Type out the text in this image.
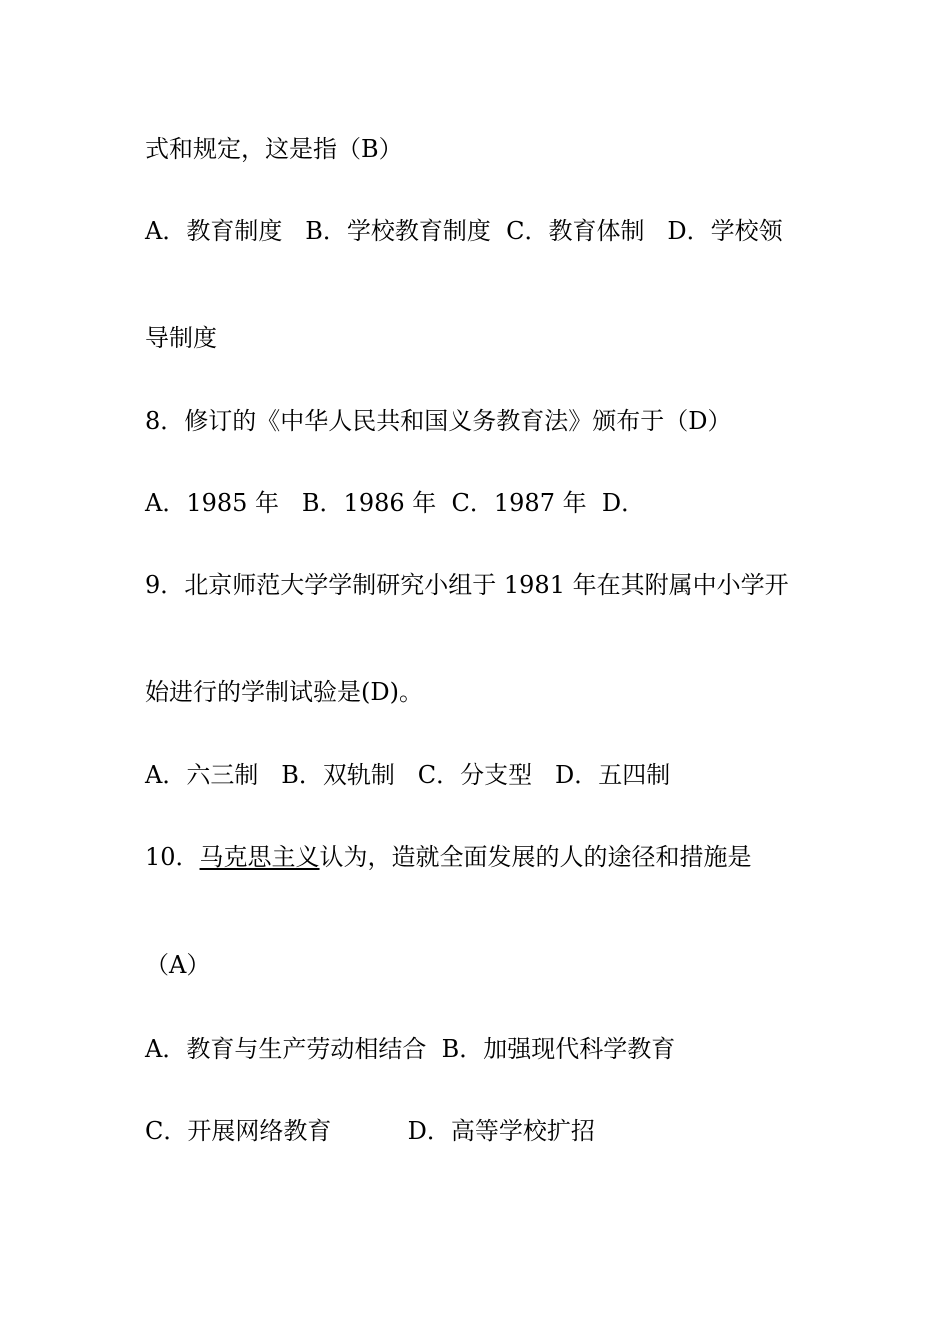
式和规定，这是指（B）
A．教育制度   B．学校教育制度  C．教育体制   D．学校领
导制度
8．修订的《中华人民共和国义务教育法》颁布于（D）
A．1985 年   B．1986 年  C．1987 年  D．
9．北京师范大学学制研究小组于 1981 年在其附属中小学开
始进行的学制试验是(D)。
A．六三制   B．双轨制   C．分支型   D．五四制
10．马克思主义认为，造就全面发展的人的途径和措施是
（A）
A．教育与生产劳动相结合  B．加强现代科学教育
C．开展网络教育          D．高等学校扩招
